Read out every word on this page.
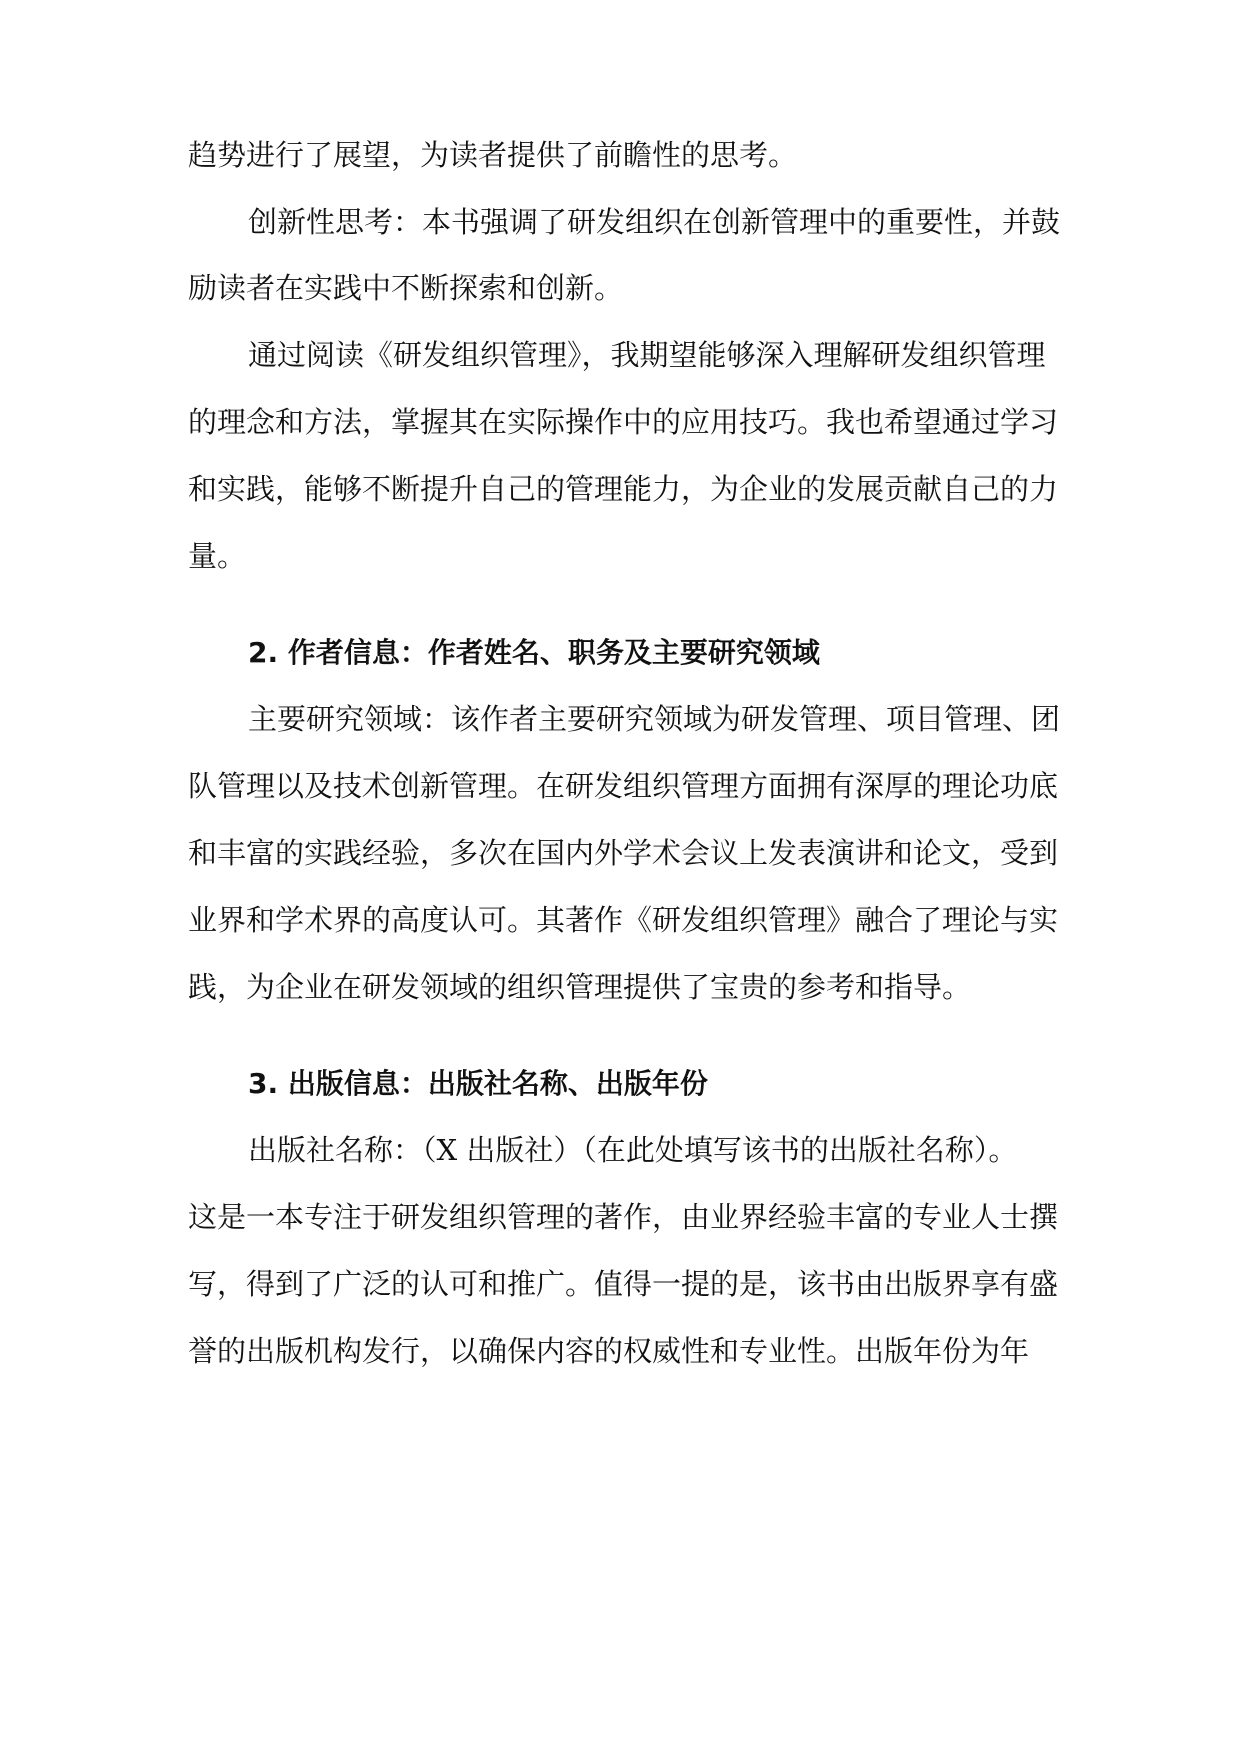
趋势进行了展望，为读者提供了前瞻性的思考。
创新性思考：本书强调了研发组织在创新管理中的重要性，并鼓
励读者在实践中不断探索和创新。
通过阅读《研发组织管理》，我期望能够深入理解研发组织管理
的理念和方法，掌握其在实际操作中的应用技巧。我也希望通过学习
和实践，能够不断提升自己的管理能力，为企业的发展贡献自己的力
量。
2. 作者信息：作者姓名、职务及主要研究领域
主要研究领域：该作者主要研究领域为研发管理、项目管理、团
队管理以及技术创新管理。在研发组织管理方面拥有深厚的理论功底
和丰富的实践经验，多次在国内外学术会议上发表演讲和论文，受到
业界和学术界的高度认可。其著作《研发组织管理》融合了理论与实
践，为企业在研发领域的组织管理提供了宝贵的参考和指导。
3. 出版信息：出版社名称、出版年份
出版社名称：（X 出版社）（在此处填写该书的出版社名称）。
这是一本专注于研发组织管理的著作，由业界经验丰富的专业人士撰
写，得到了广泛的认可和推广。值得一提的是，该书由出版界享有盛
誉的出版机构发行，以确保内容的权威性和专业性。出版年份为年
